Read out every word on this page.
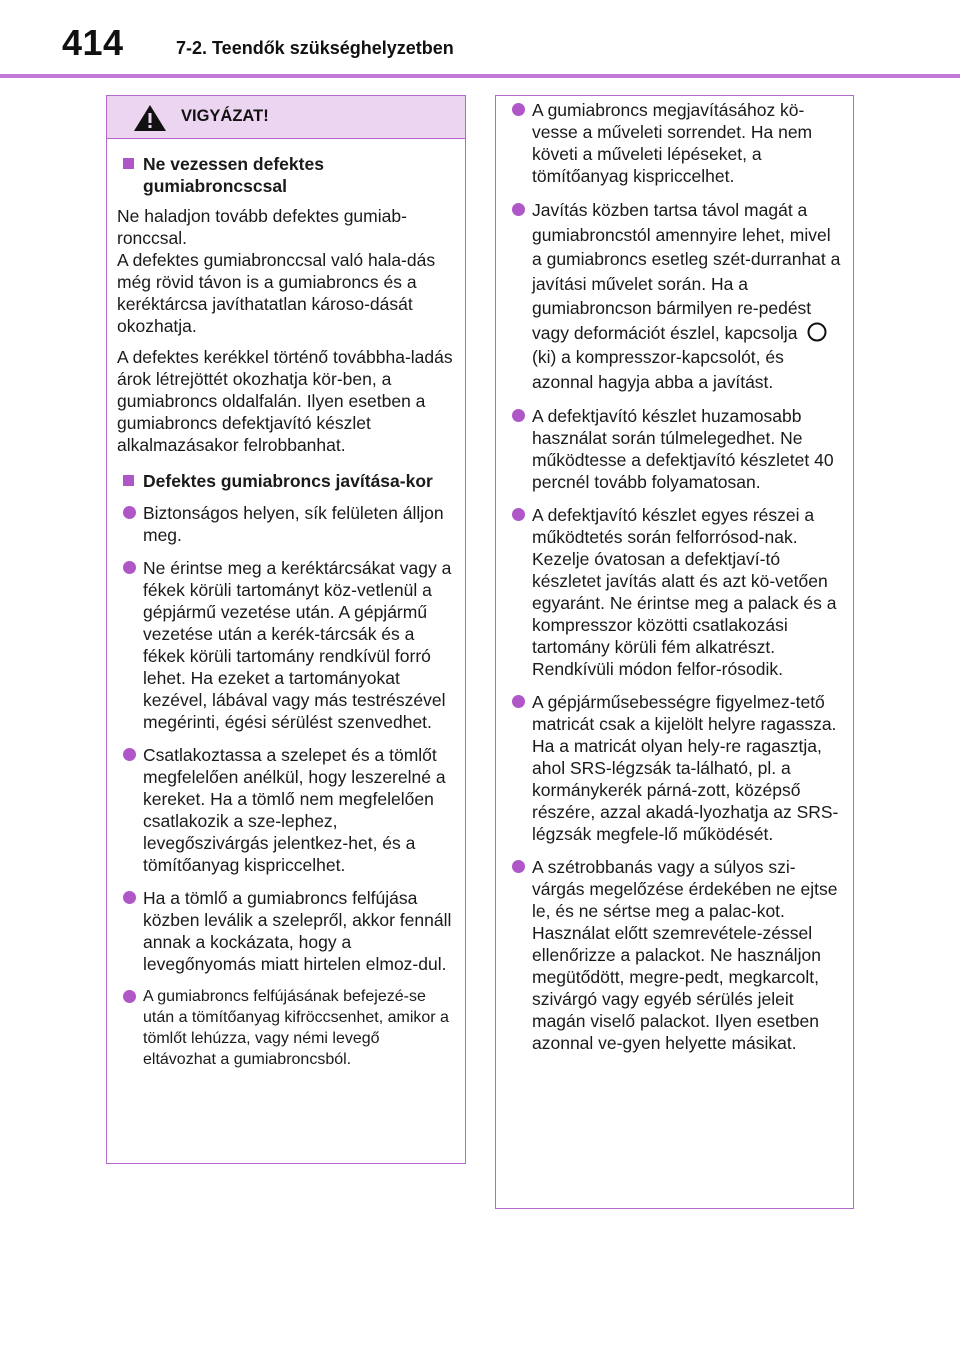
414	7-2. Teendők szükséghelyzetben
VIGYÁZAT!
Ne vezessen defektes gumiabroncscsal

Ne haladjon tovább defektes gumiab-ronccsal.
A defektes gumiabronccsal való hala-dás még rövid távon is a gumiabroncs és a keréktárcsa javíthatatlan károso-dását okozhatja.

A defektes kerékkel történő továbbha-ladás árok létrejöttét okozhatja kör-ben, a gumiabroncs oldalfalán. Ilyen esetben a gumiabroncs defektjavító készlet alkalmazásakor felrobbanhat.

Defektes gumiabroncs javítása-kor
Biztonságos helyen, sík felületen álljon meg.
Ne érintse meg a keréktárcsákat vagy a fékek körüli tartományt köz-vetlenül a gépjármű vezetése után. A gépjármű vezetése után a kerék-tárcsák és a fékek körüli tartomány rendkívül forró lehet. Ha ezeket a tartományokat kezével, lábával vagy más testrészével megérinti, égési sérülést szenvedhet.
Csatlakoztassa a szelepet és a tömlőt megfelelően anélkül, hogy leszerelné a kereket. Ha a tömlő nem megfelelően csatlakozik a sze-lephez, levegőszivárgás jelentkez-het, és a tömítőanyag kispriccelhet.
Ha a tömlő a gumiabroncs felfújása közben leválik a szelepről, akkor fennáll annak a kockázata, hogy a levegőnyomás miatt hirtelen elmoz-dul.
A gumiabroncs felfújásának befejezé-se után a tömítőanyag kifröccsenhet, amikor a tömlőt lehúzza, vagy némi levegő eltávozhat a gumiabroncsból.
A gumiabroncs megjavításához kö-vesse a műveleti sorrendet. Ha nem követi a műveleti lépéseket, a tömítőanyag kispriccelhet.
Javítás közben tartsa távol magát a gumiabroncstól amennyire lehet, mivel a gumiabroncs esetleg szét-durranhat a javítási művelet során. Ha a gumiabroncson bármilyen re-pedést vagy deformációt észlel, kapcsolja  (ki) a kompresszor-kapcsolót, és azonnal hagyja abba a javítást.
A defektjavító készlet huzamosabb használat során túlmelegedhet. Ne működtesse a defektjavító készletet 40 percnél tovább folyamatosan.
A defektjavító készlet egyes részei a működtetés során felforrósod-nak. Kezelje óvatosan a defektjaví-tó készletet javítás alatt és azt kö-vetően egyaránt. Ne érintse meg a palack és a kompresszor közötti csatlakozási tartomány körüli fém alkatrészt. Rendkívüli módon felfor-rósodik.
A gépjárműsebességre figyelmez-tető matricát csak a kijelölt helyre ragassza. Ha a matricát olyan hely-re ragasztja, ahol SRS-légzsák ta-lálható, pl. a kormánykerék párná-zott, középső részére, azzal akadá-lyozhatja az SRS-légzsák megfele-lő működését.
A szétrobbanás vagy a súlyos szi-várgás megelőzése érdekében ne ejtse le, és ne sértse meg a palac-kot. Használat előtt szemrevétele-zéssel ellenőrizze a palackot. Ne használjon megütődött, megre-pedt, megkarcolt, szivárgó vagy egyéb sérülés jeleit magán viselő palackot. Ilyen esetben azonnal ve-gyen helyette másikat.
